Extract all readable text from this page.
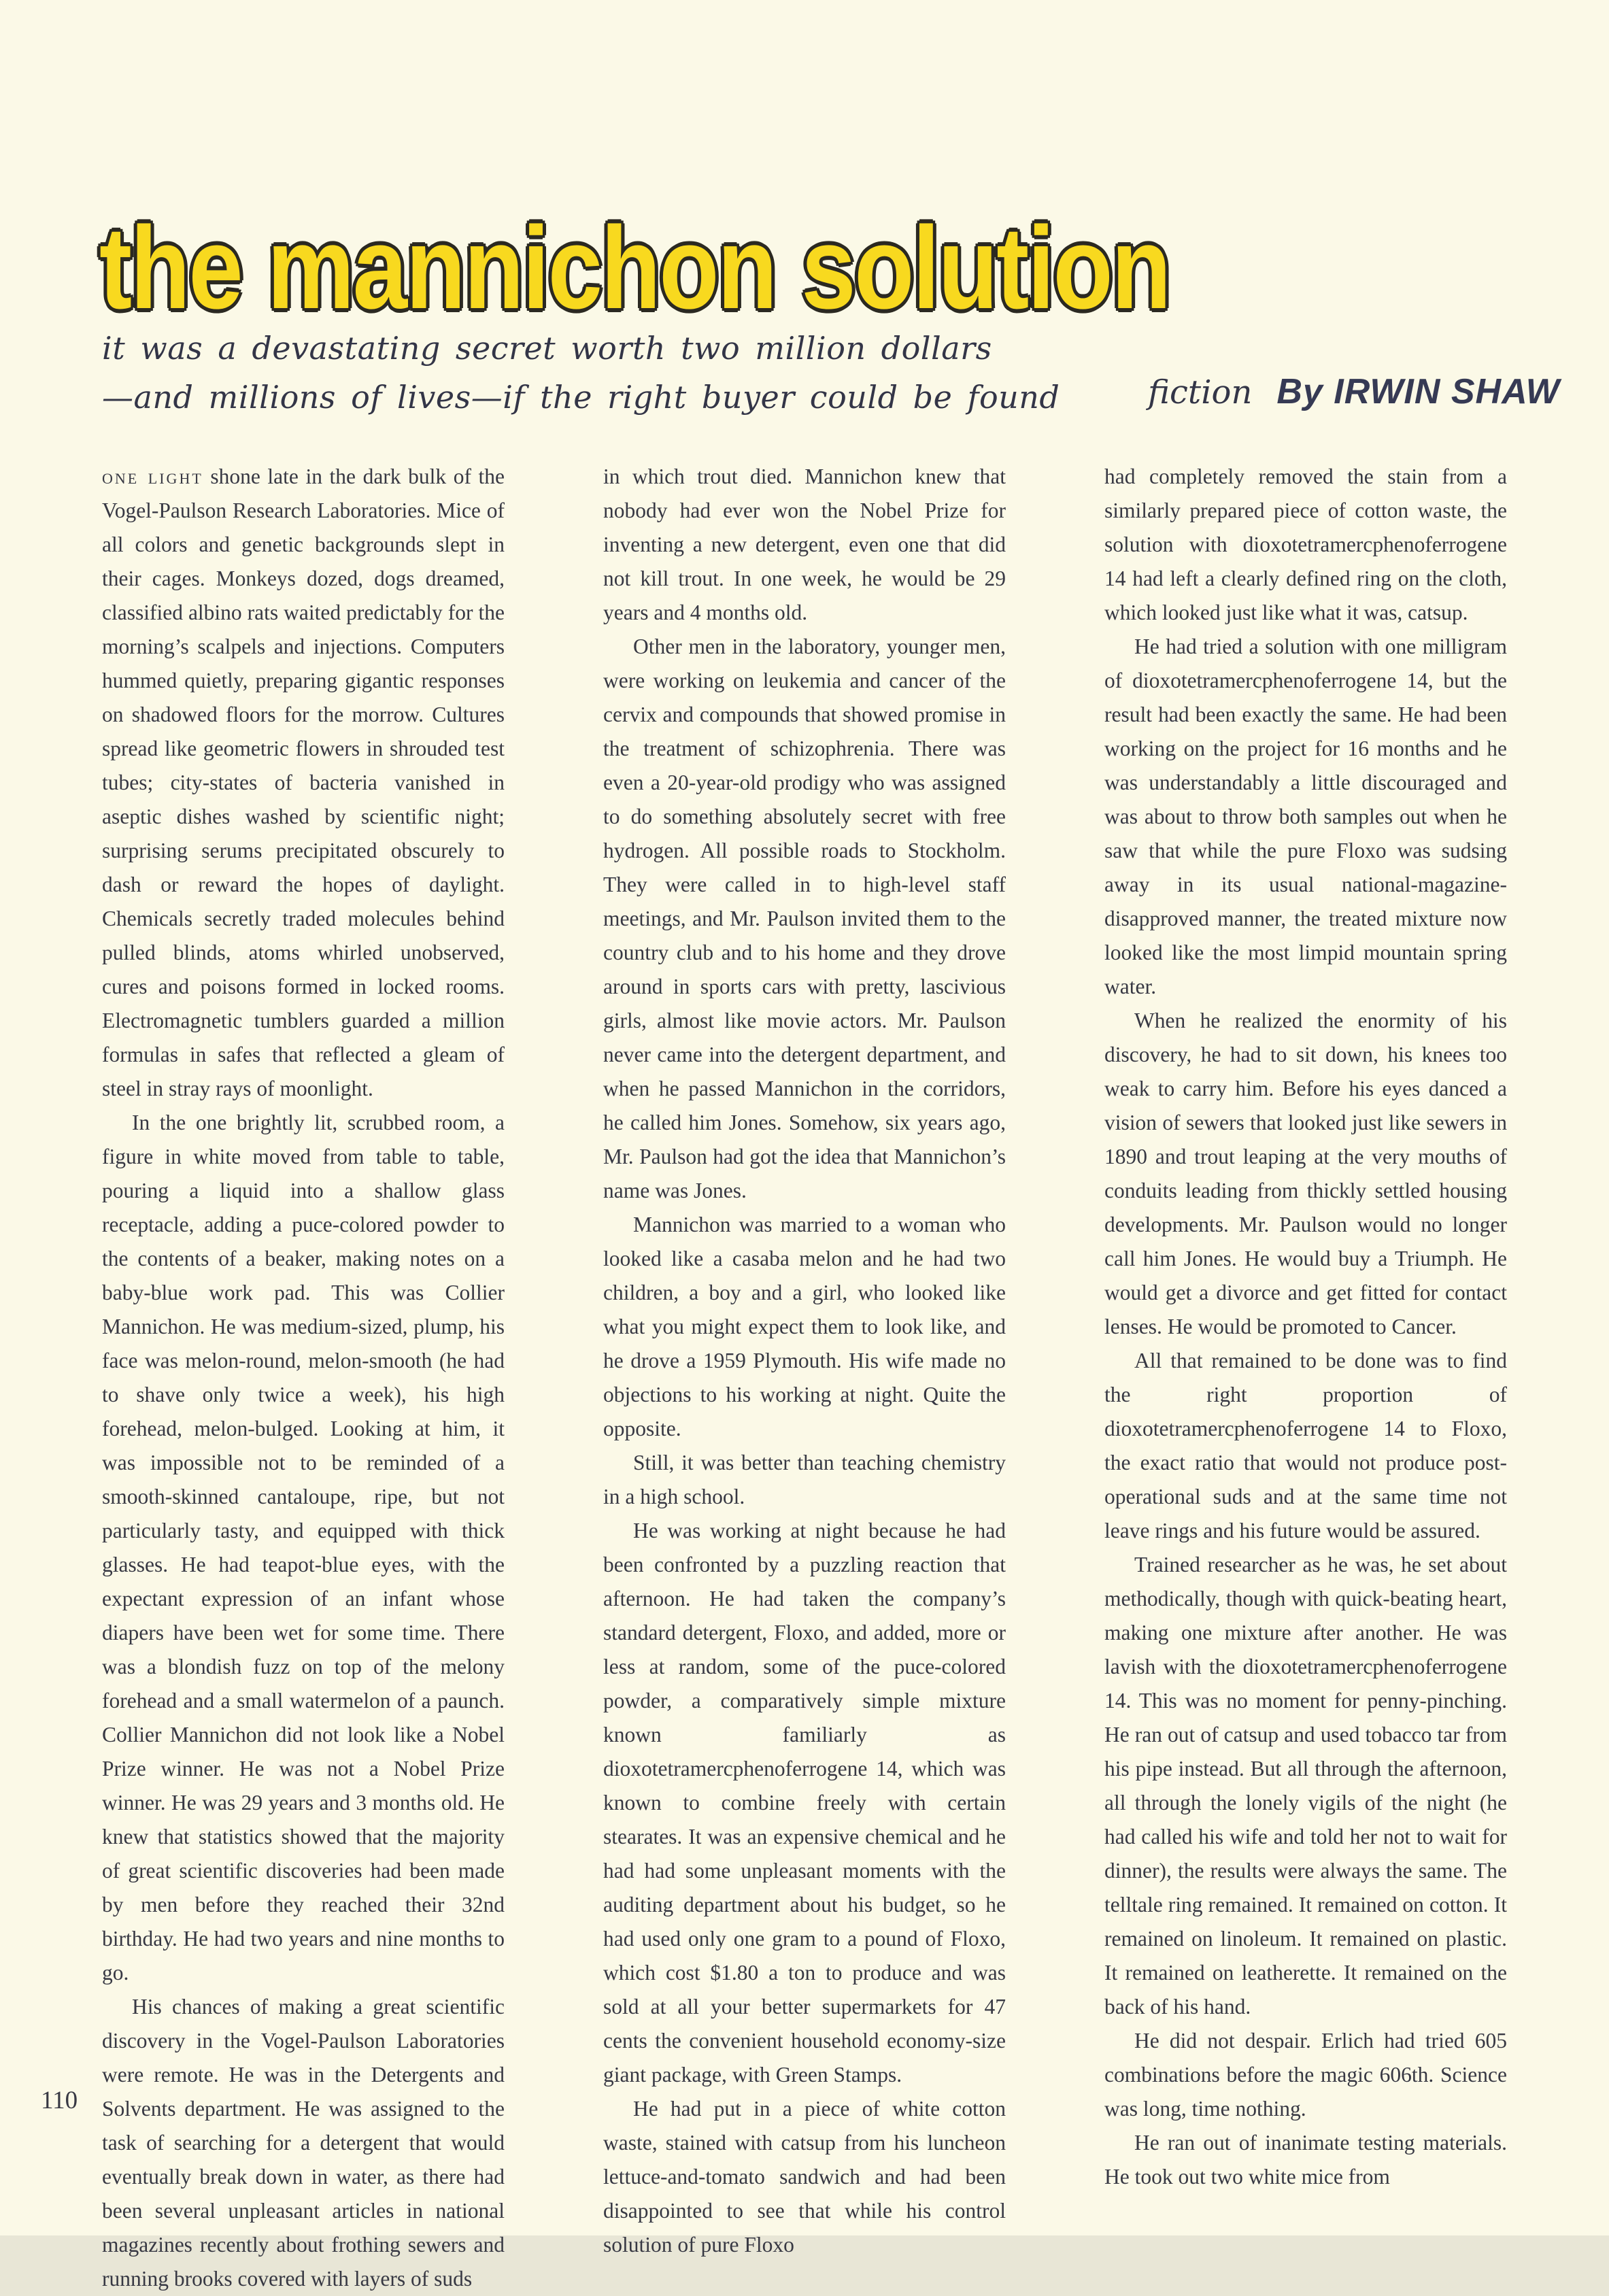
the mannichon solution
it was a devastating secret worth two million dollars
—and millions of lives—if the right buyer could be found	fiction By IRWIN SHAW

one light shone late in the dark bulk of the Vogel-Paulson Research Laboratories. Mice of all colors and genetic backgrounds slept in their cages. Monkeys dozed, dogs dreamed, classified albino rats waited predictably for the morning’s scalpels and injections. Computers hummed quietly, preparing gigantic responses on shadowed floors for the morrow. Cultures spread like geometric flowers in shrouded test tubes; city-states of bacteria vanished in aseptic dishes washed by scientific night; surprising serums precipitated obscurely to dash or reward the hopes of daylight. Chemicals secretly traded molecules behind pulled blinds, atoms whirled unobserved, cures and poisons formed in locked rooms. Electromagnetic tumblers guarded a million formulas in safes that reflected a gleam of steel in stray rays of moonlight.

In the one brightly lit, scrubbed room, a figure in white moved from table to table, pouring a liquid into a shallow glass receptacle, adding a puce-colored powder to the contents of a beaker, making notes on a baby-blue work pad. This was Collier Mannichon. He was medium-sized, plump, his face was melon-round, melon-smooth (he had to shave only twice a week), his high forehead, melon-bulged. Looking at him, it was impossible not to be reminded of a smooth-skinned cantaloupe, ripe, but not particularly tasty, and equipped with thick glasses. He had teapot-blue eyes, with the expectant expression of an infant whose diapers have been wet for some time. There was a blondish fuzz on top of the melony forehead and a small watermelon of a paunch. Collier Mannichon did not look like a Nobel Prize winner. He was not a Nobel Prize winner. He was 29 years and 3 months old. He knew that statistics showed that the majority of great scientific discoveries had been made by men before they reached their 32nd birthday. He had two years and nine months to go.

His chances of making a great scientific discovery in the Vogel-Paulson Laboratories were remote. He was in the Detergents and Solvents department. He was assigned to the task of searching for a detergent that would eventually break down in water, as there had been several unpleasant articles in national magazines recently about frothing sewers and running brooks covered with layers of suds

in which trout died. Mannichon knew that nobody had ever won the Nobel Prize for inventing a new detergent, even one that did not kill trout. In one week, he would be 29 years and 4 months old.

Other men in the laboratory, younger men, were working on leukemia and cancer of the cervix and compounds that showed promise in the treatment of schizophrenia. There was even a 20-year-old prodigy who was assigned to do something absolutely secret with free hydrogen. All possible roads to Stockholm. They were called in to high-level staff meetings, and Mr. Paulson invited them to the country club and to his home and they drove around in sports cars with pretty, lascivious girls, almost like movie actors. Mr. Paulson never came into the detergent department, and when he passed Mannichon in the corridors, he called him Jones. Somehow, six years ago, Mr. Paulson had got the idea that Mannichon’s name was Jones.

Mannichon was married to a woman who looked like a casaba melon and he had two children, a boy and a girl, who looked like what you might expect them to look like, and he drove a 1959 Plymouth. His wife made no objections to his working at night. Quite the opposite.

Still, it was better than teaching chemistry in a high school.

He was working at night because he had been confronted by a puzzling reaction that afternoon. He had taken the company’s standard detergent, Floxo, and added, more or less at random, some of the puce-colored powder, a comparatively simple mixture known familiarly as dioxotetramercphenoferrogene 14, which was known to combine freely with certain stearates. It was an expensive chemical and he had had some unpleasant moments with the auditing department about his budget, so he had used only one gram to a pound of Floxo, which cost $1.80 a ton to produce and was sold at all your better supermarkets for 47 cents the convenient household economy-size giant package, with Green Stamps.

He had put in a piece of white cotton waste, stained with catsup from his luncheon lettuce-and-tomato sandwich and had been disappointed to see that while his control solution of pure Floxo

had completely removed the stain from a similarly prepared piece of cotton waste, the solution with dioxotetramercphenoferrogene 14 had left a clearly defined ring on the cloth, which looked just like what it was, catsup.

He had tried a solution with one milligram of dioxotetramercphenoferrogene 14, but the result had been exactly the same. He had been working on the project for 16 months and he was understandably a little discouraged and was about to throw both samples out when he saw that while the pure Floxo was sudsing away in its usual national-magazine-disapproved manner, the treated mixture now looked like the most limpid mountain spring water.

When he realized the enormity of his discovery, he had to sit down, his knees too weak to carry him. Before his eyes danced a vision of sewers that looked just like sewers in 1890 and trout leaping at the very mouths of conduits leading from thickly settled housing developments. Mr. Paulson would no longer call him Jones. He would buy a Triumph. He would get a divorce and get fitted for contact lenses. He would be promoted to Cancer.

All that remained to be done was to find the right proportion of dioxotetramercphenoferrogene 14 to Floxo, the exact ratio that would not produce post-operational suds and at the same time not leave rings and his future would be assured.

Trained researcher as he was, he set about methodically, though with quick-beating heart, making one mixture after another. He was lavish with the dioxotetramercphenoferrogene 14. This was no moment for penny-pinching. He ran out of catsup and used tobacco tar from his pipe instead. But all through the afternoon, all through the lonely vigils of the night (he had called his wife and told her not to wait for dinner), the results were always the same. The telltale ring remained. It remained on cotton. It remained on linoleum. It remained on plastic. It remained on leatherette. It remained on the back of his hand.

He did not despair. Erlich had tried 605 combinations before the magic 606th. Science was long, time nothing.

He ran out of inanimate testing materials. He took out two white mice from

110
